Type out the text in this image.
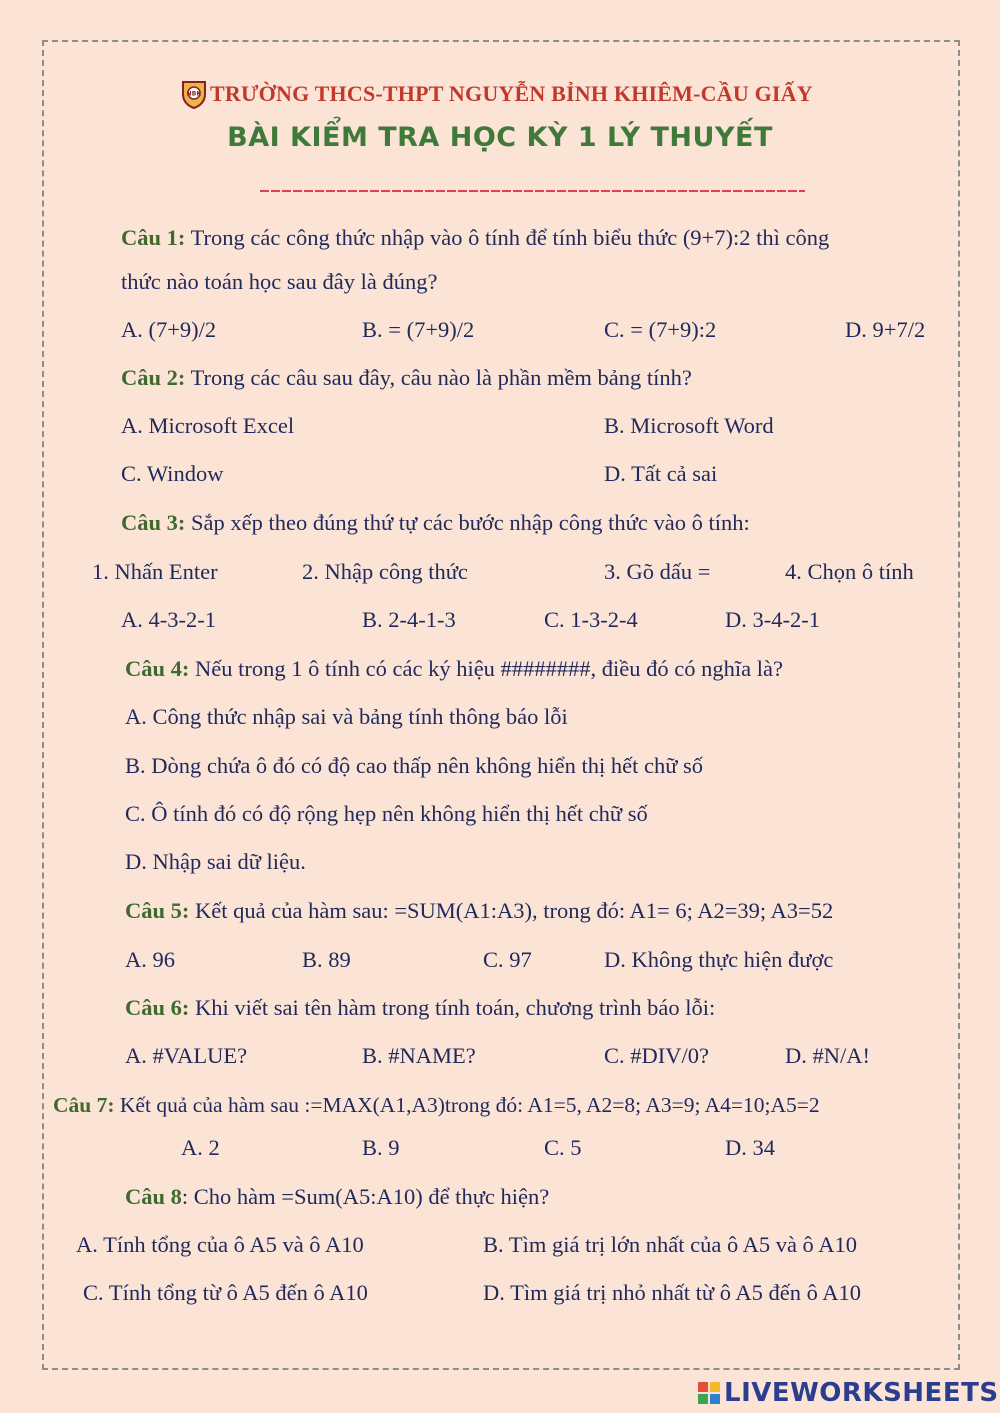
NBK TRƯỜNG THCS-THPT NGUYỄN BỈNH KHIÊM-CẦU GIẤY
BÀI KIỂM TRA HỌC KỲ 1 LÝ THUYẾT
Câu 1: Trong các công thức nhập vào ô tính để tính biểu thức (9+7):2 thì công
thức nào toán học sau đây là đúng?
A. (7+9)/2	B. = (7+9)/2	C. = (7+9):2	D. 9+7/2
Câu 2: Trong các câu sau đây, câu nào là phần mềm bảng tính?
A. Microsoft Excel	B. Microsoft Word
C. Window	D. Tất cả sai
Câu 3: Sắp xếp theo đúng thứ tự các bước nhập công thức vào ô tính:
1. Nhấn Enter	2. Nhập công thức	3. Gõ dấu =	4. Chọn ô tính
A. 4-3-2-1	B. 2-4-1-3	C. 1-3-2-4	D. 3-4-2-1
Câu 4: Nếu trong 1 ô tính có các ký hiệu ########, điều đó có nghĩa là?
A. Công thức nhập sai và bảng tính thông báo lỗi
B. Dòng chứa ô đó có độ cao thấp nên không hiển thị hết chữ số
C. Ô tính đó có độ rộng hẹp nên không hiển thị hết chữ số
D. Nhập sai dữ liệu.
Câu 5: Kết quả của hàm sau: =SUM(A1:A3), trong đó: A1= 6; A2=39; A3=52
A. 96	B. 89	C. 97	D. Không thực hiện được
Câu 6: Khi viết sai tên hàm trong tính toán, chương trình báo lỗi:
A. #VALUE?	B. #NAME?	C. #DIV/0?	D. #N/A!
Câu 7: Kết quả của hàm sau :=MAX(A1,A3)trong đó: A1=5, A2=8; A3=9; A4=10;A5=2
A. 2	B. 9	C. 5	D. 34
Câu 8: Cho hàm =Sum(A5:A10) để thực hiện?
A. Tính tổng của ô A5 và ô A10	B. Tìm giá trị lớn nhất của ô A5 và ô A10
C. Tính tổng từ ô A5 đến ô A10	D. Tìm giá trị nhỏ nhất từ ô A5 đến ô A10
LIVEWORKSHEETS
